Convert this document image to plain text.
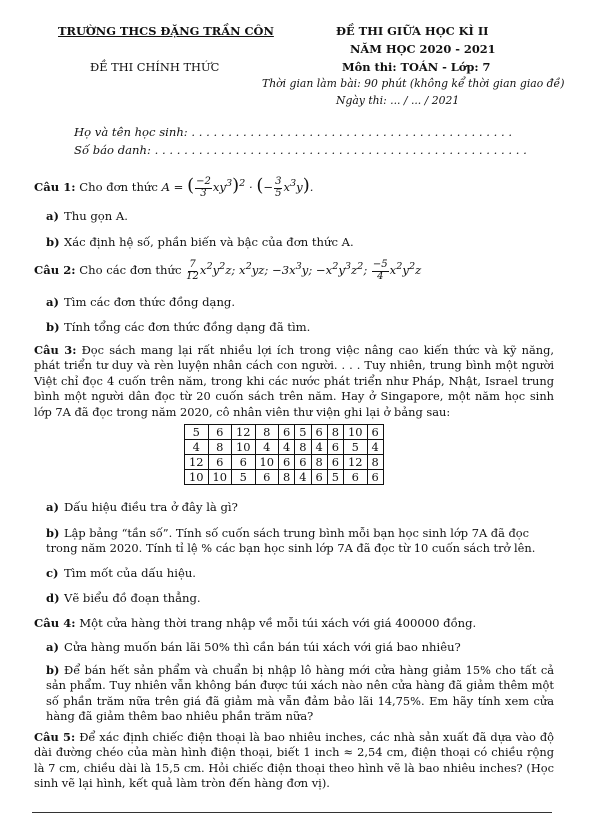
TRƯỜNG THCS ĐẶNG TRẦN CÔN
ĐỀ THI CHÍNH THỨC
ĐỀ THI GIỮA HỌC KÌ II
NĂM HỌC 2020 - 2021
Môn thi: TOÁN - Lớp: 7
Thời gian làm bài: 90 phút (không kể thời gian giao đề)
Ngày thi: ... / ... / 2021
Họ và tên học sinh: . . . . . . . . . . . . . . . . . . . . . . . . . . . . . . . . . . . . . . . . . . . .
Số báo danh: . . . . . . . . . . . . . . . . . . . . . . . . . . . . . . . . . . . . . . . . . . . . . . . . . . .
Câu 1: Cho đơn thức A = ( $\frac{-2}{3} xy^3)^2$ · (− $\frac{3}{5} x^3y$).
a) Thu gọn A.
b) Xác định hệ số, phần biến và bậc của đơn thức A.
Câu 2: Cho các đơn thức $\frac{7}{12} x^2y^2z$; $x^2yz$; $-3x^3y$; $-x^2y^3z^2$; $\frac{-5}{4} x^2y^2z$
a) Tìm các đơn thức đồng dạng.
b) Tính tổng các đơn thức đồng dạng đã tìm.
Câu 3: Đọc sách mang lại rất nhiều lợi ích trong việc nâng cao kiến thức và kỹ năng, phát triển tư duy và rèn luyện nhân cách con người. . . . Tuy nhiên, trung bình một người Việt chỉ đọc 4 cuốn trên năm, trong khi các nước phát triển như Pháp, Nhật, Israel trung bình một người dân đọc từ 20 cuốn sách trên năm. Hay ở Singapore, một năm học sinh lớp 7A đã đọc trong năm 2020, cô nhân viên thư viện ghi lại ở bảng sau:
5	6	12	8	6	5	6	8	10	6
4	8	10	4	4	8	4	6	5	4
12	6	6	10	6	6	8	6	12	8
10	10	5	6	8	4	6	5	6	6
a) Dấu hiệu điều tra ở đây là gì?
b) Lập bảng “tần số”. Tính số cuốn sách trung bình mỗi bạn học sinh lớp 7A đã đọc trong năm 2020. Tính tỉ lệ % các bạn học sinh lớp 7A đã đọc từ 10 cuốn sách trở lên.
c) Tìm mốt của dấu hiệu.
d) Vẽ biểu đồ đoạn thẳng.
Câu 4: Một cửa hàng thời trang nhập về mỗi túi xách với giá 400000 đồng.
a) Cửa hàng muốn bán lãi 50% thì cần bán túi xách với giá bao nhiêu?
b) Để bán hết sản phẩm và chuẩn bị nhập lô hàng mới cửa hàng giảm 15% cho tất cả sản phẩm. Tuy nhiên vẫn không bán được túi xách nào nên cửa hàng đã giảm thêm một số phần trăm nữa trên giá đã giảm mà vẫn đảm bảo lãi 14,75%. Em hãy tính xem cửa hàng đã giảm thêm bao nhiêu phần trăm nữa?
Câu 5: Để xác định chiếc điện thoại là bao nhiêu inches, các nhà sản xuất đã dựa vào độ dài đường chéo của màn hình điện thoại, biết 1 inch ≈ 2,54 cm, điện thoại có chiều rộng là 7 cm, chiều dài là 15,5 cm. Hỏi chiếc điện thoại theo hình vẽ là bao nhiêu inches? (Học sinh vẽ lại hình, kết quả làm tròn đến hàng đơn vị).
